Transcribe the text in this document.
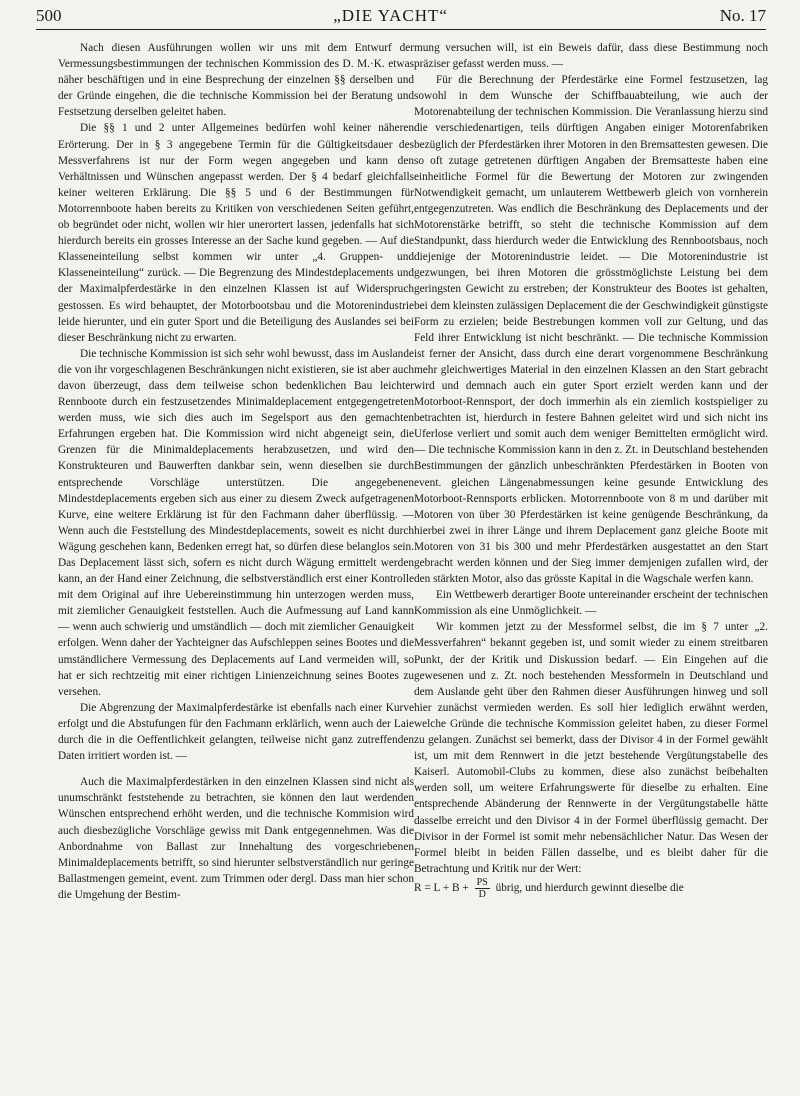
500	„DIE YACHT“	No. 17

Nach diesen Ausführungen wollen wir uns mit dem Entwurf der Vermessungsbestimmungen der technischen Kommission des D. M.·K. etwas näher beschäftigen und in eine Besprechung der einzelnen §§ derselben und der Gründe eingehen, die die technische Kommission bei der Beratung und Festsetzung derselben geleitet haben.

Die §§ 1 und 2 unter Allgemeines bedürfen wohl keiner näheren Erörterung. Der in § 3 angegebene Termin für die Gültigkeitsdauer des Messverfahrens ist nur der Form wegen angegeben und kann den Verhältnissen und Wünschen angepasst werden. Der § 4 bedarf gleichfalls keiner weiteren Erklärung. Die §§ 5 und 6 der Bestimmungen für Motorrennboote haben bereits zu Kritiken von verschiedenen Seiten geführt, ob begründet oder nicht, wollen wir hier unerortert lassen, jedenfalls hat sich hierdurch bereits ein grosses Interesse an der Sache kund gegeben. — Auf die Klasseneinteilung selbst kommen wir unter „4. Gruppen- und Klasseneinteilung“ zurück. — Die Begrenzung des Mindestdeplacements und der Maximalpferdestärke in den einzelnen Klassen ist auf Widerspruch gestossen. Es wird behauptet, der Motorbootsbau und die Motorenindustrie leide hierunter, und ein guter Sport und die Beteiligung des Auslandes sei bei dieser Beschränkung nicht zu erwarten.

Die technische Kommission ist sich sehr wohl bewusst, dass im Auslande die von ihr vorgeschlagenen Beschränkungen nicht existieren, sie ist aber auch davon überzeugt, dass dem teilweise schon bedenklichen Bau leichter Rennboote durch ein festzusetzendes Minimaldeplacement entgegengetreten werden muss, wie sich dies auch im Segelsport aus den gemachten Erfahrungen ergeben hat. Die Kommission wird nicht abgeneigt sein, die Grenzen für die Minimaldeplacements herabzusetzen, und wird den Konstrukteuren und Bauwerften dankbar sein, wenn dieselben sie durch entsprechende Vorschläge unterstützen. Die angegebenen Mindestdeplacements ergeben sich aus einer zu diesem Zweck aufgetragenen Kurve, eine weitere Erklärung ist für den Fachmann daher überflüssig. — Wenn auch die Feststellung des Mindestdeplacements, soweit es nicht durch Wägung geschehen kann, Bedenken erregt hat, so dürfen diese belanglos sein. Das Deplacement lässt sich, sofern es nicht durch Wägung ermittelt werden kann, an der Hand einer Zeichnung, die selbstverständlich erst einer Kontrolle mit dem Original auf ihre Uebereinstimmung hin unterzogen werden muss, mit ziemlicher Genauigkeit feststellen. Auch die Aufmessung auf Land kann — wenn auch schwierig und umständlich — doch mit ziemlicher Genauigkeit erfolgen. Wenn daher der Yachteigner das Aufschleppen seines Bootes und die umständlichere Vermessung des Deplacements auf Land vermeiden will, so hat er sich rechtzeitig mit einer richtigen Linienzeichnung seines Bootes zu versehen.

Die Abgrenzung der Maximalpferdestärke ist ebenfalls nach einer Kurve erfolgt und die Abstufungen für den Fachmann erklärlich, wenn auch der Laie durch die in die Oeffentlichkeit gelangten, teilweise nicht ganz zutreffenden Daten irritiert worden ist. —

Auch die Maximalpferdestärken in den einzelnen Klassen sind nicht als unumschränkt feststehende zu betrachten, sie können den laut werdenden Wünschen entsprechend erhöht werden, und die technische Kommision wird auch diesbezügliche Vorschläge gewiss mit Dank entgegennehmen. Was die Anbordnahme von Ballast zur Innehaltung des vorgeschriebenen Minimaldeplacements betrifft, so sind hierunter selbstverständlich nur geringe Ballastmengen gemeint, event. zum Trimmen oder dergl. Dass man hier schon die Umgehung der Bestim-

mung versuchen will, ist ein Beweis dafür, dass diese Bestimmung noch präziser gefasst werden muss. —

Für die Berechnung der Pferdestärke eine Formel festzusetzen, lag sowohl in dem Wunsche der Schiffbauabteilung, wie auch der Motorenabteilung der technischen Kommission. Die Veranlassung hierzu sind die verschiedenartigen, teils dürftigen Angaben einiger Motorenfabriken bezüglich der Pferdestärken ihrer Motoren in den Bremsattesten gewesen. Die so oft zutage getretenen dürftigen Angaben der Bremsatteste haben eine einheitliche Formel für die Bewertung der Motoren zur zwingenden Notwendigkeit gemacht, um unlauterem Wettbewerb gleich von vornherein entgegenzutreten. Was endlich die Beschränkung des Deplacements und der Motorenstärke betrifft, so steht die technische Kommission auf dem Standpunkt, dass hierdurch weder die Entwicklung des Rennbootsbaus, noch diejenige der Motorenindustrie leidet. — Die Motorenindustrie ist gezwungen, bei ihren Motoren die grösstmöglichste Leistung bei dem geringsten Gewicht zu erstreben; der Konstrukteur des Bootes ist gehalten, bei dem kleinsten zulässigen Deplacement die der Geschwindigkeit günstigste Form zu erzielen; beide Bestrebungen kommen voll zur Geltung, und das Feld ihrer Entwicklung ist nicht beschränkt. — Die technische Kommission ist ferner der Ansicht, dass durch eine derart vorgenommene Beschränkung mehr gleichwertiges Material in den einzelnen Klassen an den Start gebracht wird und demnach auch ein guter Sport erzielt werden kann und der Motorboot-Rennsport, der doch immerhin als ein ziemlich kostspieliger zu betrachten ist, hierdurch in festere Bahnen geleitet wird und sich nicht ins Uferlose verliert und somit auch dem weniger Bemittelten ermöglicht wird. — Die technische Kommission kann in den z. Zt. in Deutschland bestehenden Bestimmungen der gänzlich unbeschränkten Pferdestärken in Booten von event. gleichen Längenabmessungen keine gesunde Entwicklung des Motorboot-Rennsports erblicken. Motorrennboote von 8 m und darüber mit Motoren von über 30 Pferdestärken ist keine genügende Beschränkung, da hierbei zwei in ihrer Länge und ihrem Deplacement ganz gleiche Boote mit Motoren von 31 bis 300 und mehr Pferdestärken ausgestattet an den Start gebracht werden können und der Sieg immer demjenigen zufallen wird, der den stärkten Motor, also das grösste Kapital in die Wagschale werfen kann.

Ein Wettbewerb derartiger Boote untereinander erscheint der technischen Kommission als eine Unmöglichkeit. —

Wir kommen jetzt zu der Messformel selbst, die im § 7 unter „2. Messverfahren“ bekannt gegeben ist, und somit wieder zu einem streitbaren Punkt, der der Kritik und Diskussion bedarf. — Ein Eingehen auf die gewesenen und z. Zt. noch bestehenden Messformeln in Deutschland und dem Auslande geht über den Rahmen dieser Ausführungen hinweg und soll hier zunächst vermieden werden. Es soll hier lediglich erwähnt werden, welche Gründe die technische Kommission geleitet haben, zu dieser Formel zu gelangen. Zunächst sei bemerkt, dass der Divisor 4 in der Formel gewählt ist, um mit dem Rennwert in die jetzt bestehende Vergütungstabelle des Kaiserl. Automobil-Clubs zu kommen, diese also zunächst beibehalten werden soll, um weitere Erfahrungswerte für dieselbe zu erhalten. Eine entsprechende Abänderung der Rennwerte in der Vergütungstabelle hätte dasselbe erreicht und den Divisor 4 in der Formel überflüssig gemacht. Der Divisor in der Formel ist somit mehr nebensächlicher Natur. Das Wesen der Formel bleibt in beiden Fällen dasselbe, und es bleibt daher für die Betrachtung und Kritik nur der Wert:

$R = L + B + \frac{PS}{D}$ übrig, und hierdurch gewinnt dieselbe die
